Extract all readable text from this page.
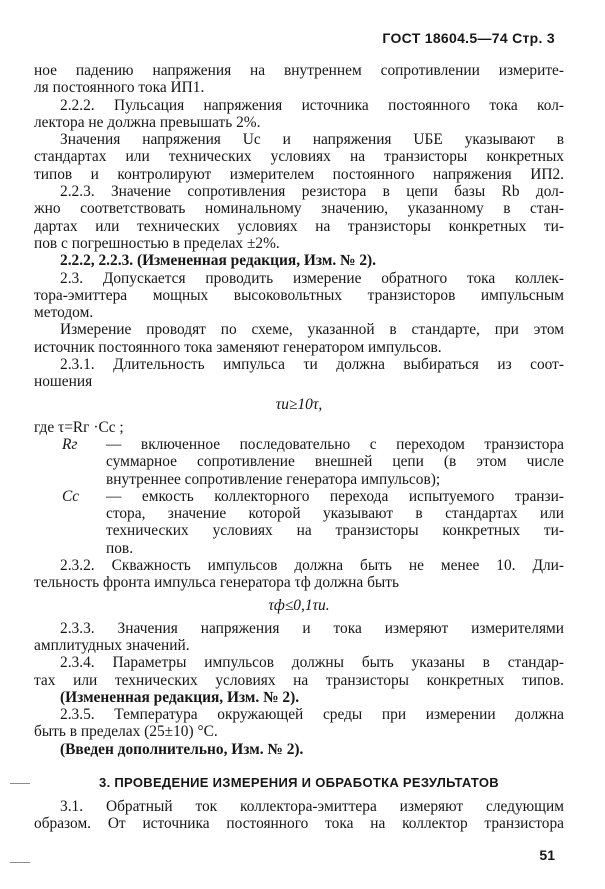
ГОСТ 18604.5—74 Стр. 3
ное падению напряжения на внутреннем сопротивлении измерите-
ля постоянного тока ИП1.
2.2.2. Пульсация напряжения источника постоянного тока кол-
лектора не должна превышать 2%.
Значения напряжения Uс и напряжения UБЕ указывают в
стандартах или технических условиях на транзисторы конкретных
типов и контролируют измерителем постоянного напряжения ИП2.
2.2.3. Значение сопротивления резистора в цепи базы Rb дол-
жно соответствовать номинальному значению, указанному в стан-
дартах или технических условиях на транзисторы конкретных ти-
пов с погрешностью в пределах ±2%.
2.2.2, 2.2.3. (Измененная редакция, Изм. № 2).
2.3. Допускается проводить измерение обратного тока коллек-
тора-эмиттера мощных высоковольтных транзисторов импульсным
методом.
Измерение проводят по схеме, указанной в стандарте, при этом
источник постоянного тока заменяют генератором импульсов.
2.3.1. Длительность импульса τи должна выбираться из соот-
ношения
τи≥10τ,
где τ=Rг ·Cс ;
Rг — включенное последовательно с переходом транзистора
суммарное сопротивление внешней цепи (в этом числе
внутреннее сопротивление генератора импульсов);
Cс — емкость коллекторного перехода испытуемого транзи-
стора, значение которой указывают в стандартах или
технических условиях на транзисторы конкретных ти-
пов.
2.3.2. Скважность импульсов должна быть не менее 10. Дли-
тельность фронта импульса генератора τф должна быть
τф≤0,1τи.
2.3.3. Значения напряжения и тока измеряют измерителями
амплитудных значений.
2.3.4. Параметры импульсов должны быть указаны в стандар-
тах или технических условиях на транзисторы конкретных типов.
(Измененная редакция, Изм. № 2).
2.3.5. Температура окружающей среды при измерении должна
быть в пределах (25±10) °С.
(Введен дополнительно, Изм. № 2).
3. ПРОВЕДЕНИЕ ИЗМЕРЕНИЯ И ОБРАБОТКА РЕЗУЛЬТАТОВ
3.1. Обратный ток коллектора-эмиттера измеряют следующим
образом. От источника постоянного тока на коллектор транзистора
51
